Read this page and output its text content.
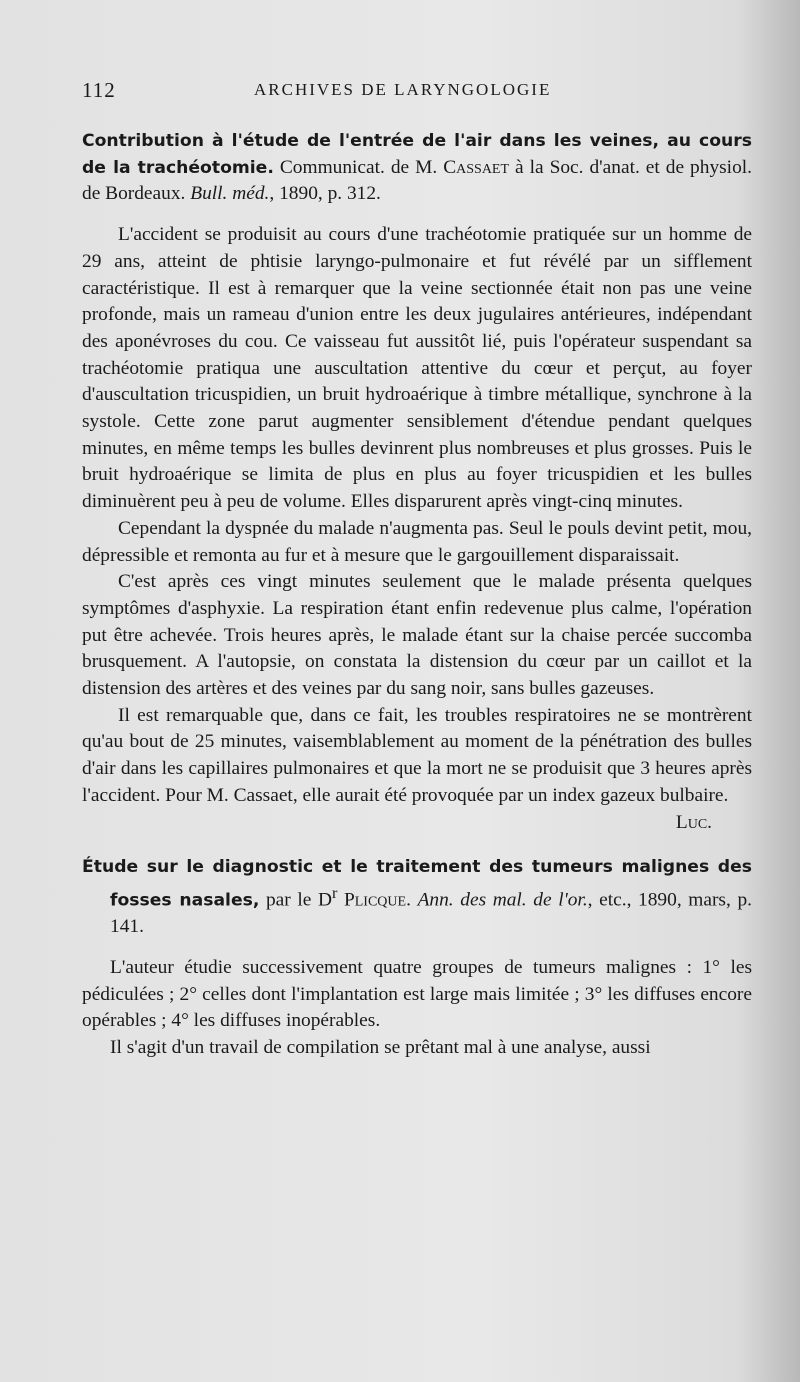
112	ARCHIVES DE LARYNGOLOGIE

Contribution à l'étude de l'entrée de l'air dans les veines, au cours de la trachéotomie. Communicat. de M. Cassaet à la Soc. d'anat. et de physiol. de Bordeaux. Bull. méd., 1890, p. 312.

L'accident se produisit au cours d'une trachéotomie pratiquée sur un homme de 29 ans, atteint de phtisie laryngo-pulmonaire et fut révélé par un sifflement caractéristique. Il est à remarquer que la veine sectionnée était non pas une veine profonde, mais un rameau d'union entre les deux jugulaires antérieures, indépendant des aponévroses du cou. Ce vaisseau fut aussitôt lié, puis l'opérateur suspendant sa trachéotomie pratiqua une auscultation attentive du cœur et perçut, au foyer d'auscultation tricuspidien, un bruit hydroaérique à timbre métallique, synchrone à la systole. Cette zone parut augmenter sensiblement d'étendue pendant quelques minutes, en même temps les bulles devinrent plus nombreuses et plus grosses. Puis le bruit hydroaérique se limita de plus en plus au foyer tricuspidien et les bulles diminuèrent peu à peu de volume. Elles disparurent après vingt-cinq minutes.

Cependant la dyspnée du malade n'augmenta pas. Seul le pouls devint petit, mou, dépressible et remonta au fur et à mesure que le gargouillement disparaissait.

C'est après ces vingt minutes seulement que le malade présenta quelques symptômes d'asphyxie. La respiration étant enfin redevenue plus calme, l'opération put être achevée. Trois heures après, le malade étant sur la chaise percée succomba brusquement. A l'autopsie, on constata la distension du cœur par un caillot et la distension des artères et des veines par du sang noir, sans bulles gazeuses.

Il est remarquable que, dans ce fait, les troubles respiratoires ne se montrèrent qu'au bout de 25 minutes, vaisemblablement au moment de la pénétration des bulles d'air dans les capillaires pulmonaires et que la mort ne se produisit que 3 heures après l'accident. Pour M. Cassaet, elle aurait été provoquée par un index gazeux bulbaire.

Luc.

Étude sur le diagnostic et le traitement des tumeurs malignes des fosses nasales, par le $D^r$ Plicque. Ann. des mal. de l'or., etc., 1890, mars, p. 141.

L'auteur étudie successivement quatre groupes de tumeurs malignes : 1° les pédiculées ; 2° celles dont l'implantation est large mais limitée ; 3° les diffuses encore opérables ; 4° les diffuses inopérables.

Il s'agit d'un travail de compilation se prêtant mal à une analyse, aussi
